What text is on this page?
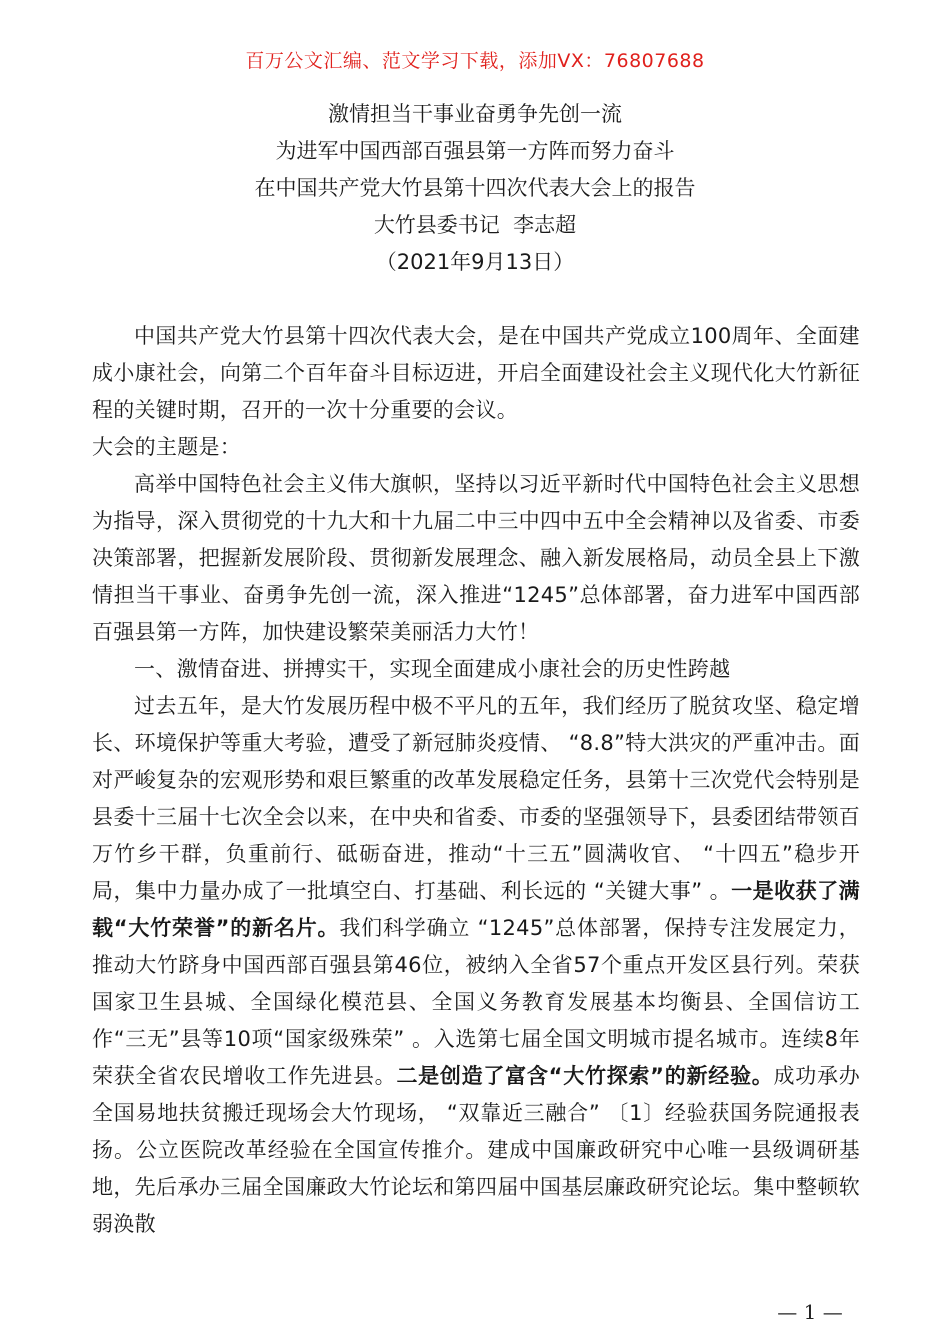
百万公文汇编、范文学习下载，添加VX：76807688
激情担当干事业奋勇争先创一流
为进军中国西部百强县第一方阵而努力奋斗
在中国共产党大竹县第十四次代表大会上的报告
大竹县委书记  李志超
（2021年9月13日）

中国共产党大竹县第十四次代表大会，是在中国共产党成立100周年、全面建成小康社会，向第二个百年奋斗目标迈进，开启全面建设社会主义现代化大竹新征程的关键时期，召开的一次十分重要的会议。

大会的主题是：

高举中国特色社会主义伟大旗帜，坚持以习近平新时代中国特色社会主义思想为指导，深入贯彻党的十九大和十九届二中三中四中五中全会精神以及省委、市委决策部署，把握新发展阶段、贯彻新发展理念、融入新发展格局，动员全县上下激情担当干事业、奋勇争先创一流，深入推进“1245”总体部署，奋力进军中国西部百强县第一方阵，加快建设繁荣美丽活力大竹！

一、激情奋进、拼搏实干，实现全面建成小康社会的历史性跨越

过去五年，是大竹发展历程中极不平凡的五年，我们经历了脱贫攻坚、稳定增长、环境保护等重大考验，遭受了新冠肺炎疫情、 “8.8”特大洪灾的严重冲击。面对严峻复杂的宏观形势和艰巨繁重的改革发展稳定任务，县第十三次党代会特别是县委十三届十七次全会以来，在中央和省委、市委的坚强领导下，县委团结带领百万竹乡干群，负重前行、砥砺奋进，推动“十三五”圆满收官、 “十四五”稳步开局，集中力量办成了一批填空白、打基础、利长远的 “关键大事” 。一是收获了满载“大竹荣誉”的新名片。我们科学确立 “1245”总体部署，保持专注发展定力，推动大竹跻身中国西部百强县第46位，被纳入全省57个重点开发区县行列。荣获国家卫生县城、全国绿化模范县、全国义务教育发展基本均衡县、全国信访工作“三无”县等10项“国家级殊荣” 。入选第七届全国文明城市提名城市。连续8年荣获全省农民增收工作先进县。二是创造了富含“大竹探索”的新经验。成功承办全国易地扶贫搬迁现场会大竹现场， “双靠近三融合” 〔1〕经验获国务院通报表扬。公立医院改革经验在全国宣传推介。建成中国廉政研究中心唯一县级调研基地，先后承办三届全国廉政大竹论坛和第四届中国基层廉政研究论坛。集中整顿软弱涣散

— 1 —
